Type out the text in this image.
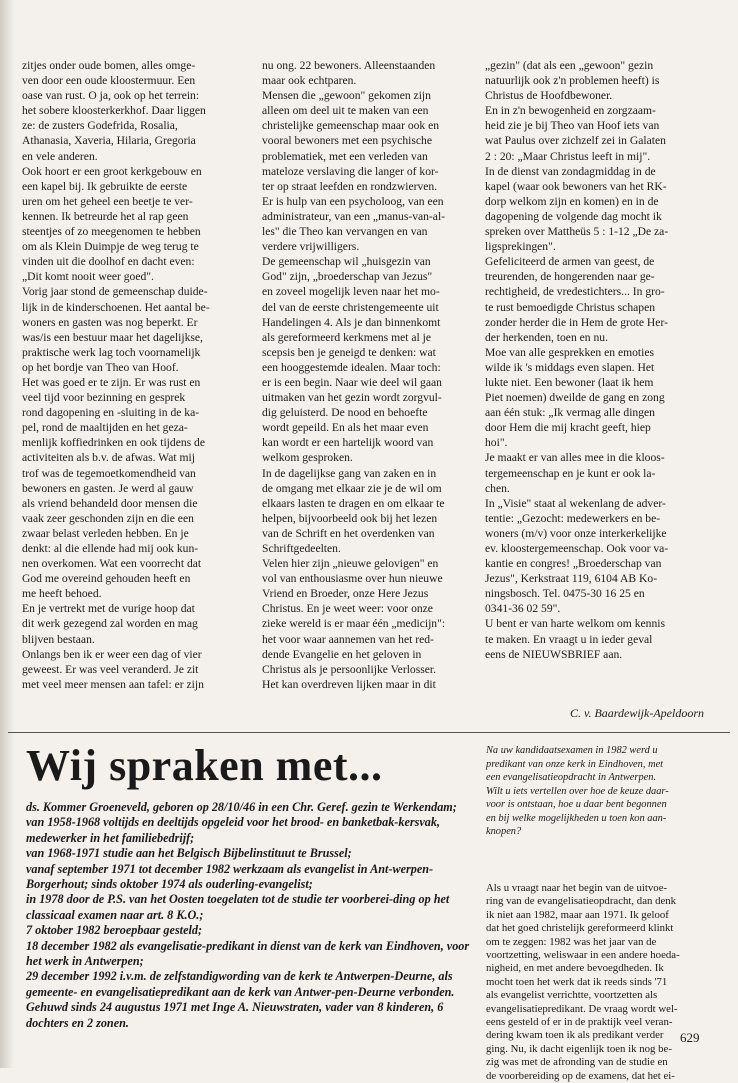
zitjes onder oude bomen, alles omge-
ven door een oude kloostermuur. Een
oase van rust. O ja, ook op het terrein:
het sobere kloosterkerkhof. Daar liggen
ze: de zusters Godefrida, Rosalia,
Athanasia, Xaveria, Hilaria, Gregoria
en vele anderen.
Ook hoort er een groot kerkgebouw en
een kapel bij. Ik gebruikte de eerste
uren om het geheel een beetje te ver-
kennen. Ik betreurde het al rap geen
steentjes of zo meegenomen te hebben
om als Klein Duimpje de weg terug te
vinden uit die doolhof en dacht even:
„Dit komt nooit weer goed".
Vorig jaar stond de gemeenschap duide-
lijk in de kinderschoenen. Het aantal be-
woners en gasten was nog beperkt. Er
was/is een bestuur maar het dagelijkse,
praktische werk lag toch voornamelijk
op het bordje van Theo van Hoof.
Het was goed er te zijn. Er was rust en
veel tijd voor bezinning en gesprek
rond dagopening en -sluiting in de ka-
pel, rond de maaltijden en het geza-
menlijk koffiedrinken en ook tijdens de
activiteiten als b.v. de afwas. Wat mij
trof was de tegemoetkomendheid van
bewoners en gasten. Je werd al gauw
als vriend behandeld door mensen die
vaak zeer geschonden zijn en die een
zwaar belast verleden hebben. En je
denkt: al die ellende had mij ook kun-
nen overkomen. Wat een voorrecht dat
God me overeind gehouden heeft en
me heeft behoed.
En je vertrekt met de vurige hoop dat
dit werk gezegend zal worden en mag
blijven bestaan.
Onlangs ben ik er weer een dag of vier
geweest. Er was veel veranderd. Je zit
met veel meer mensen aan tafel: er zijn

nu ong. 22 bewoners. Alleenstaanden
maar ook echtparen.
Mensen die „gewoon" gekomen zijn
alleen om deel uit te maken van een
christelijke gemeenschap maar ook en
vooral bewoners met een psychische
problematiek, met een verleden van
mateloze verslaving die langer of kor-
ter op straat leefden en rondzwierven.
Er is hulp van een psycholoog, van een
administrateur, van een „manus-van-al-
les" die Theo kan vervangen en van
verdere vrijwilligers.
De gemeenschap wil „huisgezin van
God" zijn, „broederschap van Jezus"
en zoveel mogelijk leven naar het mo-
del van de eerste christengemeente uit
Handelingen 4. Als je dan binnenkomt
als gereformeerd kerkmens met al je
scepsis ben je geneigd te denken: wat
een hooggestemde idealen. Maar toch:
er is een begin. Naar wie deel wil gaan
uitmaken van het gezin wordt zorgvul-
dig geluisterd. De nood en behoefte
wordt gepeild. En als het maar even
kan wordt er een hartelijk woord van
welkom gesproken.
In de dagelijkse gang van zaken en in
de omgang met elkaar zie je de wil om
elkaars lasten te dragen en om elkaar te
helpen, bijvoorbeeld ook bij het lezen
van de Schrift en het overdenken van
Schriftgedeelten.
Velen hier zijn „nieuwe gelovigen" en
vol van enthousiasme over hun nieuwe
Vriend en Broeder, onze Here Jezus
Christus. En je weet weer: voor onze
zieke wereld is er maar één „medicijn":
het voor waar aannemen van het red-
dende Evangelie en het geloven in
Christus als je persoonlijke Verlosser.
Het kan overdreven lijken maar in dit

„gezin" (dat als een „gewoon" gezin
natuurlijk ook z'n problemen heeft) is
Christus de Hoofdbewoner.
En in z'n bewogenheid en zorgzaam-
heid zie je bij Theo van Hoof iets van
wat Paulus over zichzelf zei in Galaten
2 : 20: „Maar Christus leeft in mij".
In de dienst van zondagmiddag in de
kapel (waar ook bewoners van het RK-
dorp welkom zijn en komen) en in de
dagopening de volgende dag mocht ik
spreken over Mattheüs 5 : 1-12 „De za-
ligsprekingen".
Gefeliciteerd de armen van geest, de
treurenden, de hongerenden naar ge-
rechtigheid, de vredestichters... In gro-
te rust bemoedigde Christus schapen
zonder herder die in Hem de grote Her-
der herkenden, toen en nu.
Moe van alle gesprekken en emoties
wilde ik 's middags even slapen. Het
lukte niet. Een bewoner (laat ik hem
Piet noemen) dweilde de gang en zong
aan één stuk: „Ik vermag alle dingen
door Hem die mij kracht geeft, hiep
hoi".
Je maakt er van alles mee in die kloos-
tergemeenschap en je kunt er ook la-
chen.
In „Visie" staat al wekenlang de adver-
tentie: „Gezocht: medewerkers en be-
woners (m/v) voor onze interkerkelijke
ev. kloostergemeenschap. Ook voor va-
kantie en congres! „Broederschap van
Jezus", Kerkstraat 119, 6104 AB Ko-
ningsbosch. Tel. 0475-30 16 25 en
0341-36 02 59".
U bent er van harte welkom om kennis
te maken. En vraagt u in ieder geval
eens de NIEUWSBRIEF aan.

C. v. Baardewijk-Apeldoorn
Wij spraken met...

ds. Kommer Groeneveld, geboren op 28/10/46 in een Chr. Geref. gezin te Werkendam;

van 1958-1968 voltijds en deeltijds opgeleid voor het brood- en banketbak-kersvak, medewerker in het familiebedrijf;

van 1968-1971 studie aan het Belgisch Bijbelinstituut te Brussel;

vanaf september 1971 tot december 1982 werkzaam als evangelist in Ant-werpen-Borgerhout; sinds oktober 1974 als ouderling-evangelist;

in 1978 door de P.S. van het Oosten toegelaten tot de studie ter voorberei-ding op het classicaal examen naar art. 8 K.O.;

7 oktober 1982 beroepbaar gesteld;

18 december 1982 als evangelisatie-predikant in dienst van de kerk van Eindhoven, voor het werk in Antwerpen;

29 december 1992 i.v.m. de zelfstandigwording van de kerk te Antwerpen-Deurne, als gemeente- en evangelisatiepredikant aan de kerk van Antwer-pen-Deurne verbonden.

Gehuwd sinds 24 augustus 1971 met Inge A. Nieuwstraten, vader van 8 kinderen, 6 dochters en 2 zonen.

Na uw kandidaatsexamen in 1982 werd u
predikant van onze kerk in Eindhoven, met
een evangelisatieopdracht in Antwerpen.
Wilt u iets vertellen over hoe de keuze daar-
voor is ontstaan, hoe u daar bent begonnen
en bij welke mogelijkheden u toen kon aan-
knopen?

Als u vraagt naar het begin van de uitvoe-
ring van de evangelisatieopdracht, dan denk
ik niet aan 1982, maar aan 1971. Ik geloof
dat het goed christelijk gereformeerd klinkt
om te zeggen: 1982 was het jaar van de
voortzetting, weliswaar in een andere hoeda-
nigheid, en met andere bevoegdheden. Ik
mocht toen het werk dat ik reeds sinds '71
als evangelist verrichtte, voortzetten als
evangelisatiepredikant. De vraag wordt wel-
eens gesteld of er in de praktijk veel veran-
dering kwam toen ik als predikant verder
ging. Nu, ik dacht eigenlijk toen ik nog be-
zig was met de afronding van de studie en
de voorbereiding op de examens, dat het ei-

629
